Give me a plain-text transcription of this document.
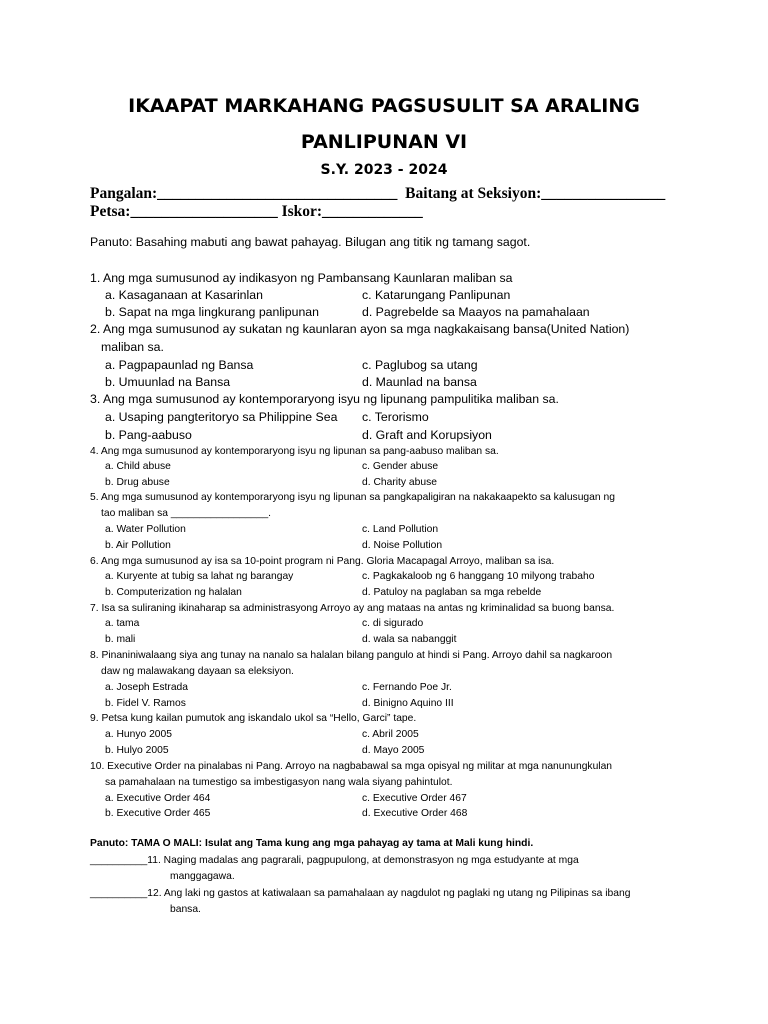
IKAAPAT MARKAHANG PAGSUSULIT SA ARALING
PANLIPUNAN VI
S.Y. 2023 - 2024
Pangalan:_______________________________  Baitang at Seksiyon:________________
Petsa:___________________ Iskor:_____________
Panuto: Basahing mabuti ang bawat pahayag. Bilugan ang titik ng tamang sagot.
1. Ang mga sumusunod ay indikasyon ng Pambansang Kaunlaran maliban sa
a. Kasaganaan at Kasarinlan	c. Katarungang Panlipunan
b. Sapat na mga lingkurang panlipunan	d. Pagrebelde sa Maayos na pamahalaan
2. Ang mga sumusunod ay sukatan ng kaunlaran ayon sa mga nagkakaisang bansa(United Nation)
maliban sa.
a. Pagpapaunlad ng Bansa	c. Paglubog sa utang
b. Umuunlad na Bansa	d. Maunlad na bansa
3. Ang mga sumusunod ay kontemporaryong isyu ng lipunang pampulitika maliban sa.
a. Usaping pangteritoryo sa Philippine Sea c. Terorismo
b. Pang-aabuso	d. Graft and Korupsiyon
4. Ang mga sumusunod ay kontemporaryong isyu ng lipunan sa pang-aabuso maliban sa.
a. Child abuse	c. Gender abuse
b. Drug abuse	d. Charity abuse
5. Ang mga sumusunod ay kontemporaryong isyu ng lipunan sa pangkapaligiran na nakakaapekto sa kalusugan ng
tao maliban sa _________________.
a. Water Pollution	c. Land Pollution
b. Air Pollution	d. Noise Pollution
6. Ang mga sumusunod ay isa sa 10-point program ni Pang. Gloria Macapagal Arroyo, maliban sa isa.
a. Kuryente at tubig sa lahat ng barangay	c. Pagkakaloob ng 6 hanggang 10 milyong trabaho
b. Computerization ng halalan	d. Patuloy na paglaban sa mga rebelde
7. Isa sa suliraning ikinaharap sa administrasyong Arroyo ay ang mataas na antas ng kriminalidad sa buong bansa.
a. tama	c. di sigurado
b. mali	d. wala sa nabanggit
8. Pinaniniwalaang siya ang tunay na nanalo sa halalan bilang pangulo at hindi si Pang. Arroyo dahil sa nagkaroon
daw ng malawakang dayaan sa eleksiyon.
a. Joseph Estrada	c. Fernando Poe Jr.
b. Fidel V. Ramos	d. Binigno Aquino III
9. Petsa kung kailan pumutok ang iskandalo ukol sa “Hello, Garci” tape.
a. Hunyo 2005	c. Abril 2005
b. Hulyo 2005	d. Mayo 2005
10. Executive Order na pinalabas ni Pang. Arroyo na nagbabawal sa mga opisyal ng militar at mga nanunungkulan
sa pamahalaan na tumestigo sa imbestigasyon nang wala siyang pahintulot.
a. Executive Order 464	c. Executive Order 467
b. Executive Order 465	d. Executive Order 468
Panuto: TAMA O MALI: Isulat ang Tama kung ang mga pahayag ay tama at Mali kung hindi.
__________11. Naging madalas ang pagrarali, pagpupulong, at demonstrasyon ng mga estudyante at mga
manggagawa.
__________12. Ang laki ng gastos at katiwalaan sa pamahalaan ay nagdulot ng paglaki ng utang ng Pilipinas sa ibang
bansa.
